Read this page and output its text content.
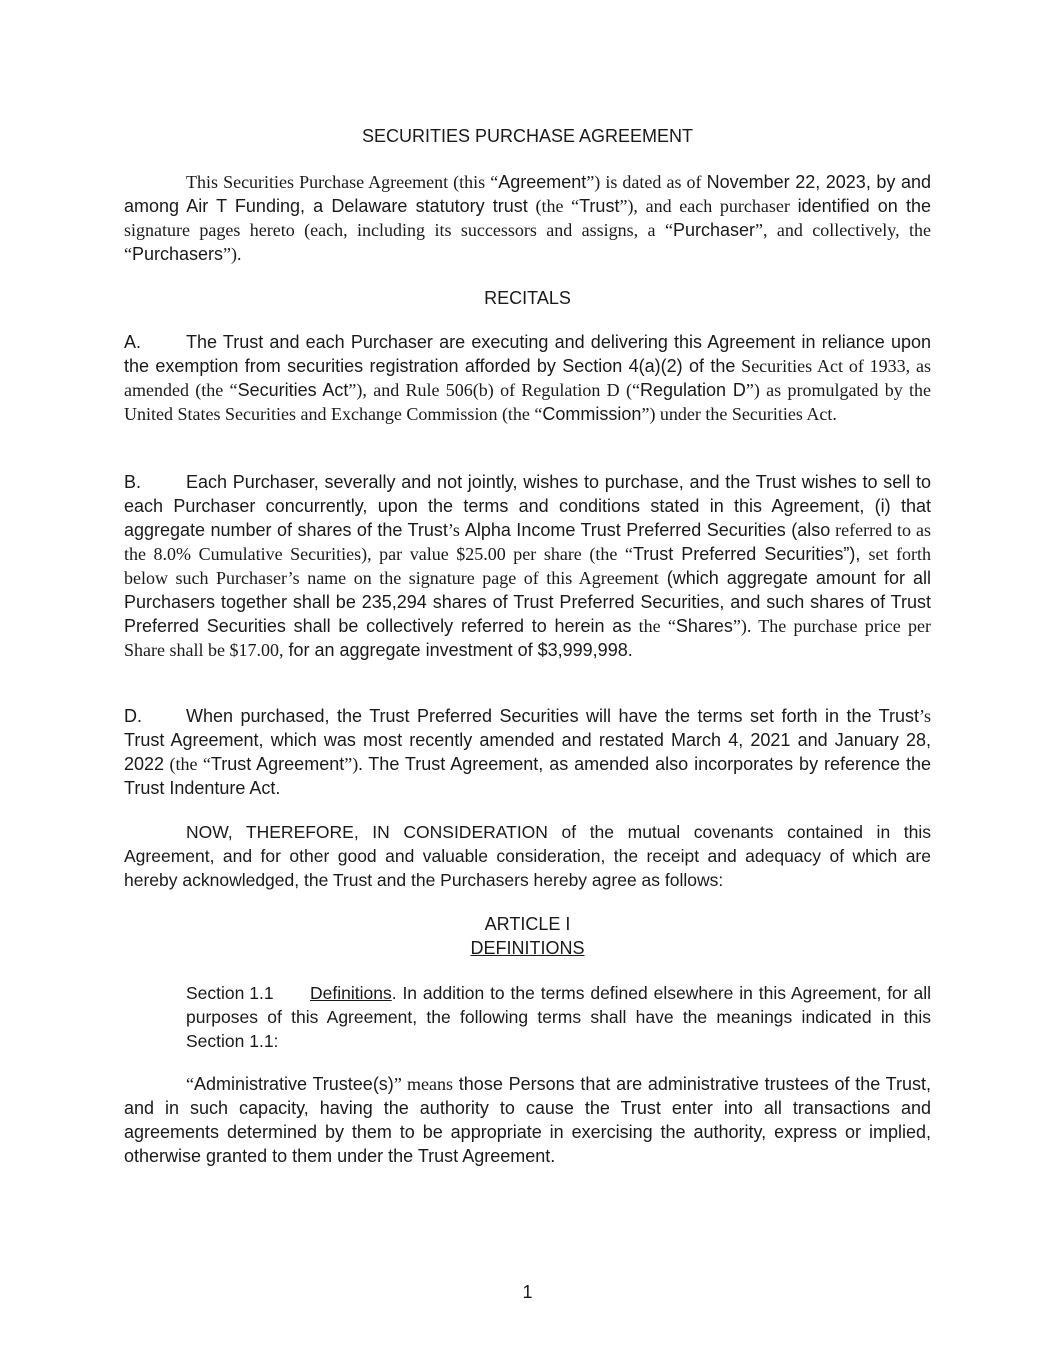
SECURITIES PURCHASE AGREEMENT

This Securities Purchase Agreement (this “Agreement”) is dated as of November 22, 2023, by and among Air T Funding, a Delaware statutory trust (the “Trust”), and each purchaser identified on the signature pages hereto (each, including its successors and assigns, a “Purchaser”, and collectively, the “Purchasers”).

RECITALS

A. The Trust and each Purchaser are executing and delivering this Agreement in reliance upon the exemption from securities registration afforded by Section 4(a)(2) of the Securities Act of 1933, as amended (the “Securities Act”), and Rule 506(b) of Regulation D (“Regulation D”) as promulgated by the United States Securities and Exchange Commission (the “Commission”) under the Securities Act.

B. Each Purchaser, severally and not jointly, wishes to purchase, and the Trust wishes to sell to each Purchaser concurrently, upon the terms and conditions stated in this Agreement, (i) that aggregate number of shares of the Trust’s Alpha Income Trust Preferred Securities (also referred to as the 8.0% Cumulative Securities), par value $25.00 per share (the “Trust Preferred Securities”), set forth below such Purchaser’s name on the signature page of this Agreement (which aggregate amount for all Purchasers together shall be 235,294 shares of Trust Preferred Securities, and such shares of Trust Preferred Securities shall be collectively referred to herein as the “Shares”). The purchase price per Share shall be $17.00, for an aggregate investment of $3,999,998.

D. When purchased, the Trust Preferred Securities will have the terms set forth in the Trust’s Trust Agreement, which was most recently amended and restated March 4, 2021 and January 28, 2022 (the “Trust Agreement”). The Trust Agreement, as amended also incorporates by reference the Trust Indenture Act.

NOW, THEREFORE, IN CONSIDERATION of the mutual covenants contained in this Agreement, and for other good and valuable consideration, the receipt and adequacy of which are hereby acknowledged, the Trust and the Purchasers hereby agree as follows:

ARTICLE I
DEFINITIONS
Section 1.1 Definitions. In addition to the terms defined elsewhere in this Agreement, for all purposes of this Agreement, the following terms shall have the meanings indicated in this Section 1.1:

“Administrative Trustee(s)” means those Persons that are administrative trustees of the Trust, and in such capacity, having the authority to cause the Trust enter into all transactions and agreements determined by them to be appropriate in exercising the authority, express or implied, otherwise granted to them under the Trust Agreement.

1
